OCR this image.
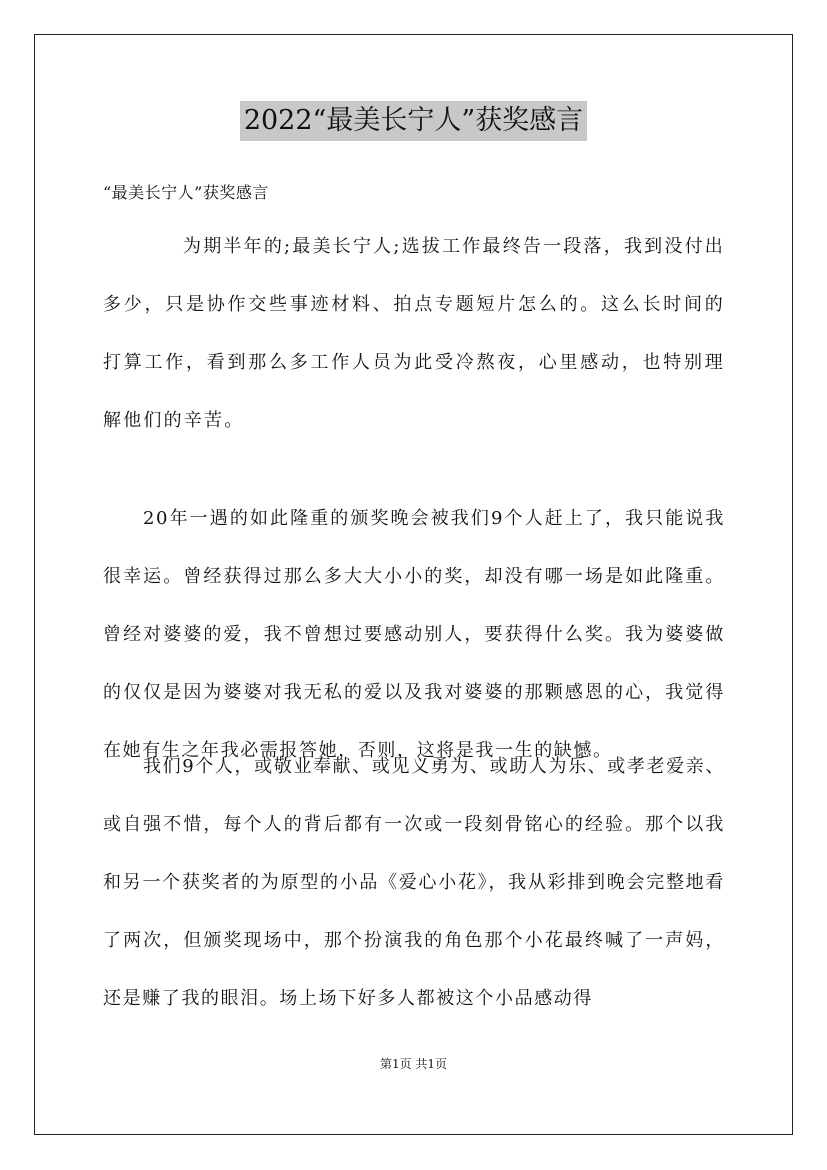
2022“最美长宁人”获奖感言
“最美长宁人”获奖感言

为期半年的;最美长宁人;选拔工作最终告一段落，我到没付出多少，只是协作交些事迹材料、拍点专题短片怎么的。这么长时间的打算工作，看到那么多工作人员为此受冷熬夜，心里感动，也特别理解他们的辛苦。

20年一遇的如此隆重的颁奖晚会被我们9个人赶上了，我只能说我很幸运。曾经获得过那么多大大小小的奖，却没有哪一场是如此隆重。曾经对婆婆的爱，我不曾想过要感动别人，要获得什么奖。我为婆婆做的仅仅是因为婆婆对我无私的爱以及我对婆婆的那颗感恩的心，我觉得在她有生之年我必需报答她，否则，这将是我一生的缺憾。

我们9个人，或敬业奉献、或见义勇为、或助人为乐、或孝老爱亲、或自强不惜，每个人的背后都有一次或一段刻骨铭心的经验。那个以我和另一个获奖者的为原型的小品《爱心小花》，我从彩排到晚会完整地看了两次，但颁奖现场中，那个扮演我的角色那个小花最终喊了一声妈，还是赚了我的眼泪。场上场下好多人都被这个小品感动得

第1页 共1页
